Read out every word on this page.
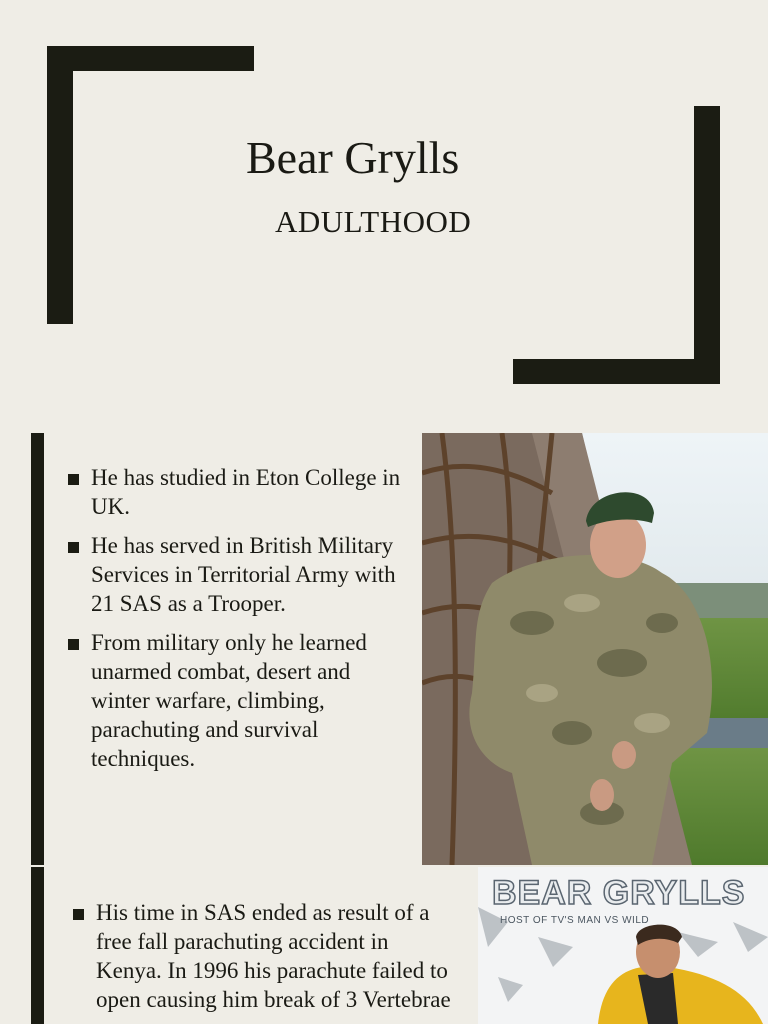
Bear Grylls
ADULTHOOD
He has studied in Eton College in UK.
He has served in British Military Services in Territorial Army with 21 SAS as a Trooper.
From military only he learned unarmed combat, desert and winter warfare, climbing, parachuting and survival techniques.
His time in SAS ended as result of a free fall parachuting accident in Kenya. In 1996 his parachute failed to open causing him break of 3 Vertebrae
BEAR GRYLLS
HOST OF TV'S MAN VS WILD
